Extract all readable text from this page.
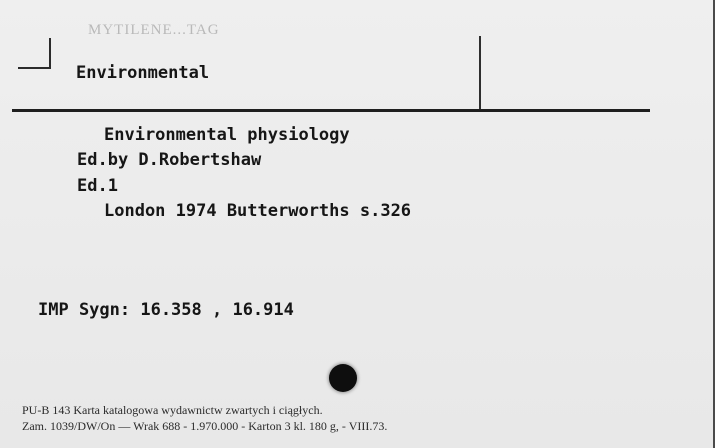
MYTILENE...TAG
Environmental
Environmental physiology
Ed.by D.Robertshaw
Ed.1
London 1974 Butterworths s.326
IMP Sygn: 16.358 , 16.914
PU-B 143 Karta katalogowa wydawnictw zwartych i ciągłych.
Zam. 1039/DW/On — Wrak 688 - 1.970.000 - Karton 3 kl. 180 g, - VIII.73.
